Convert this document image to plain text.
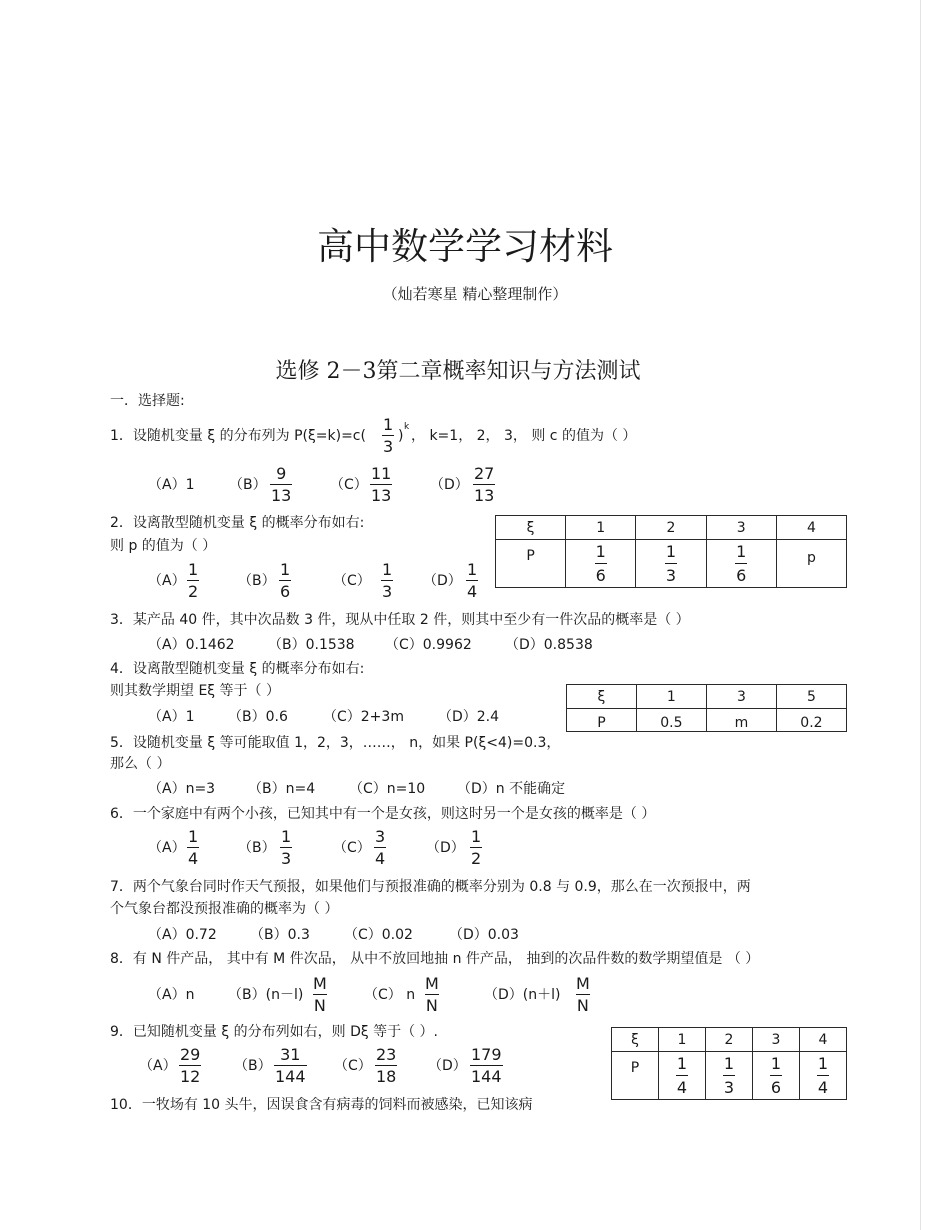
高中数学学习材料
（灿若寒星 精心整理制作）
选修 2－3第二章概率知识与方法测试
一．选择题:
1．设随机变量 ξ 的分布列为 $P(\xi=k)=c( \frac{1}{3}$ )
k
， k=1， 2， 3， 则 c 的值为（ ）
（A）1 $(B) \frac{9}{13}$	$(C) \frac{11}{13}$	$(D) \frac{27}{13}$
2．设离散型随机变量 ξ 的概率分布如右:
则 p 的值为（ ）
$(A) \frac{1}{2}$	$(B) \frac{1}{6}$	$(C) \frac{1}{3} (D) \frac{1}{4}$
ξ	1	2	3	4
P	$\frac{1}{6}$	$\frac{1}{3}$	$\frac{1}{6}$	p
3．某产品 40 件，其中次品数 3 件，现从中任取 2 件，则其中至少有一件次品的概率是（ ）
（A）0.1462 （B）0.1538 （C）0.9962 （D）0.8538
4．设离散型随机变量 ξ 的概率分布如右:
则其数学期望 Eξ 等于（ ）
（A）1 （B）0.6	（C）2+3m （D）2.4
ξ	1	3	5
P	0.5	m	0.2
5．设随机变量 ξ 等可能取值 1，2，3，……， n，如果 P(ξ<4)=0.3，
那么（ ）
（A）n=3 （B）n=4 （C）n=10 （D）n 不能确定
6．一个家庭中有两个小孩，已知其中有一个是女孩，则这时另一个是女孩的概率是（ ）
$(A) \frac{1}{4}$	$(B) \frac{1}{3}$	$(C) \frac{3}{4}$	$(D) \frac{1}{2}$
7．两个气象台同时作天气预报，如果他们与预报准确的概率分别为 0.8 与 0.9，那么在一次预报中，两
个气象台都没预报准确的概率为（ ）
（A）0.72 （B）0.3 （C）0.02	（D）0.03
8．有 N 件产品， 其中有 M 件次品， 从中不放回地抽 n 件产品， 抽到的次品件数的数学期望值是 （ ）
（A）n $(B)(n-l) \frac{M}{N}$	（C） n $\frac{M}{N}$	$(D)(n+l) \frac{M}{N}$
9．已知随机变量 ξ 的分布列如右，则 Dξ 等于（ ）.
$(A) \frac{29}{12} (B) \frac{31}{144} (C) \frac{23}{18} (D) \frac{179}{144}$
ξ	1	2	3	4
P	$\frac{1}{4}$	$\frac{1}{3}$	$\frac{1}{6}$	$\frac{1}{4}$
10．一牧场有 10 头牛，因误食含有病毒的饲料而被感染，已知该病
